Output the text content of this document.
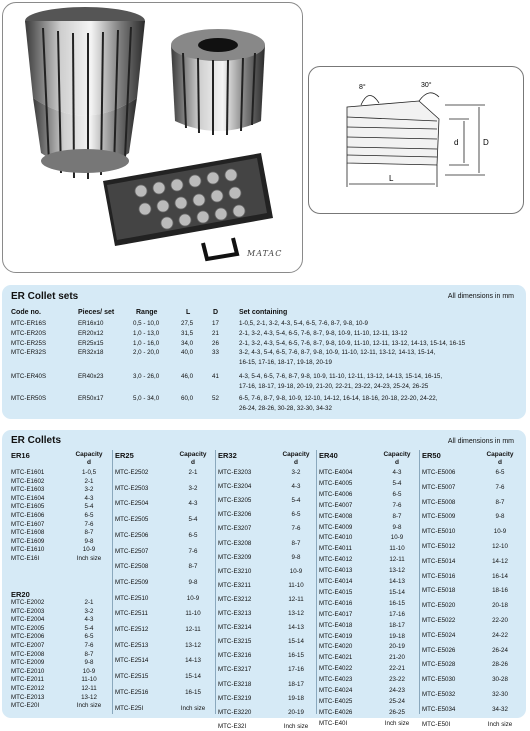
MATAC
8°	30°
d	D
L
ER Collet sets	All dimensions in mm
Code no.	Pieces/ set	Range	L	D	Set containing
MTC-ER16S	ER16x10	0,5 - 10,0	27,5	17	1-0,5, 2-1, 3-2, 4-3, 5-4, 6-5, 7-6, 8-7, 9-8, 10-9
MTC-ER20S	ER20x12	1,0 - 13,0	31,5	21	2-1, 3-2, 4-3, 5-4, 6-5, 7-6, 8-7, 9-8, 10-9, 11-10, 12-11, 13-12
MTC-ER25S	ER25x15	1,0 - 16,0	34,0	26	2-1, 3-2, 4-3, 5-4, 6-5, 7-6, 8-7, 9-8, 10-9, 11-10, 12-11, 13-12, 14-13, 15-14, 16-15
MTC-ER32S	ER32x18	2,0 - 20,0	40,0	33	3-2, 4-3, 5-4, 6-5, 7-6, 8-7, 9-8, 10-9, 11-10, 12-11, 13-12, 14-13, 15-14,
16-15, 17-16, 18-17, 19-18, 20-19
MTC-ER40S	ER40x23	3,0 - 26,0	46,0	41	4-3, 5-4, 6-5, 7-6, 8-7, 9-8, 10-9, 11-10, 12-11, 13-12, 14-13, 15-14, 16-15,
17-16, 18-17, 19-18, 20-19, 21-20, 22-21, 23-22, 24-23, 25-24, 26-25
MTC-ER50S	ER50x17	5,0 - 34,0	60,0	52	6-5, 7-6, 8-7, 9-8, 10-9, 12-10, 14-12, 16-14, 18-16, 20-18, 22-20, 24-22,
26-24, 28-26, 30-28, 32-30, 34-32
ER Collets	All dimensions in mm
ER16	Capacity
d
MTC-E1601	1-0,5
MTC-E1602	2-1
MTC-E1603	3-2
MTC-E1604	4-3
MTC-E1605	5-4
MTC-E1606	6-5
MTC-E1607	7-6
MTC-E1608	8-7
MTC-E1609	9-8
MTC-E1610	10-9
MTC-E16I	Inch size
ER20
MTC-E2002	2-1
MTC-E2003	3-2
MTC-E2004	4-3
MTC-E2005	5-4
MTC-E2006	6-5
MTC-E2007	7-6
MTC-E2008	8-7
MTC-E2009	9-8
MTC-E2010	10-9
MTC-E2011	11-10
MTC-E2012	12-11
MTC-E2013	13-12
MTC-E20I	Inch size
ER25	Capacity
d
MTC-E2502	2-1
MTC-E2503	3-2
MTC-E2504	4-3
MTC-E2505	5-4
MTC-E2506	6-5
MTC-E2507	7-6
MTC-E2508	8-7
MTC-E2509	9-8
MTC-E2510	10-9
MTC-E2511	11-10
MTC-E2512	12-11
MTC-E2513	13-12
MTC-E2514	14-13
MTC-E2515	15-14
MTC-E2516	16-15
MTC-E25I	Inch size
ER32	Capacity
d
MTC-E3203	3-2
MTC-E3204	4-3
MTC-E3205	5-4
MTC-E3206	6-5
MTC-E3207	7-6
MTC-E3208	8-7
MTC-E3209	9-8
MTC-E3210	10-9
MTC-E3211	11-10
MTC-E3212	12-11
MTC-E3213	13-12
MTC-E3214	14-13
MTC-E3215	15-14
MTC-E3216	16-15
MTC-E3217	17-16
MTC-E3218	18-17
MTC-E3219	19-18
MTC-E3220	20-19
MTC-E32I	Inch size
ER40	Capacity
d
MTC-E4004	4-3
MTC-E4005	5-4
MTC-E4006	6-5
MTC-E4007	7-6
MTC-E4008	8-7
MTC-E4009	9-8
MTC-E4010	10-9
MTC-E4011	11-10
MTC-E4012	12-11
MTC-E4013	13-12
MTC-E4014	14-13
MTC-E4015	15-14
MTC-E4016	16-15
MTC-E4017	17-16
MTC-E4018	18-17
MTC-E4019	19-18
MTC-E4020	20-19
MTC-E4021	21-20
MTC-E4022	22-21
MTC-E4023	23-22
MTC-E4024	24-23
MTC-E4025	25-24
MTC-E4026	26-25
MTC-E40I	Inch size
ER50	Capacity
d
MTC-E5006	6-5
MTC-E5007	7-6
MTC-E5008	8-7
MTC-E5009	9-8
MTC-E5010	10-9
MTC-E5012	12-10
MTC-E5014	14-12
MTC-E5016	16-14
MTC-E5018	18-16
MTC-E5020	20-18
MTC-E5022	22-20
MTC-E5024	24-22
MTC-E5026	26-24
MTC-E5028	28-26
MTC-E5030	30-28
MTC-E5032	32-30
MTC-E5034	34-32
MTC-E50I	Inch size
